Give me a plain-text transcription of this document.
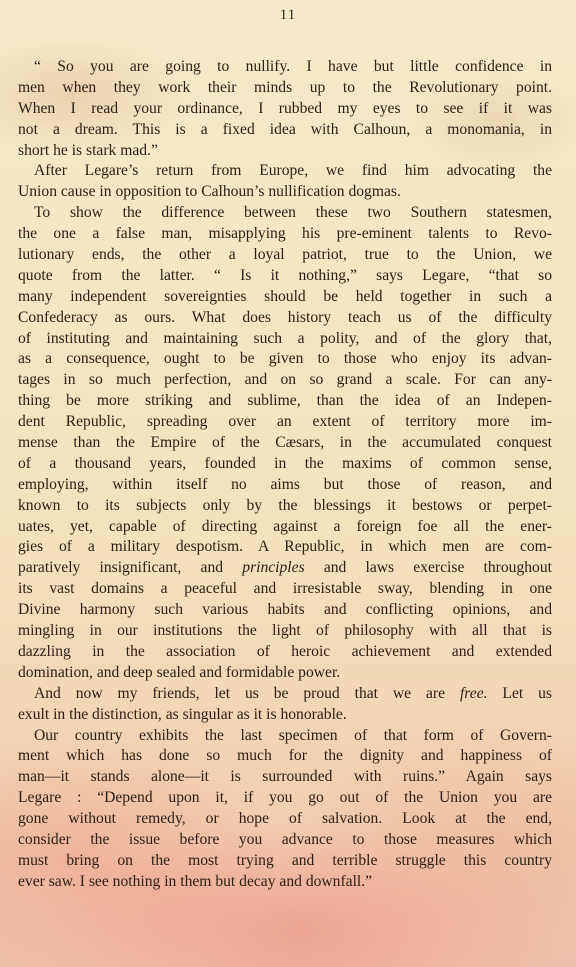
11
“ So you are going to nullify. I have but little confidence in
men when they work their minds up to the Revolutionary point.
When I read your ordinance, I rubbed my eyes to see if it was
not a dream. This is a fixed idea with Calhoun, a monomania, in
short he is stark mad.”
After Legare’s return from Europe, we find him advocating the
Union cause in opposition to Calhoun’s nullification dogmas.
To show the difference between these two Southern statesmen,
the one a false man, misapplying his pre-eminent talents to Revo-
lutionary ends, the other a loyal patriot, true to the Union, we
quote from the latter. “ Is it nothing,” says Legare, “that so
many independent sovereignties should be held together in such a
Confederacy as ours. What does history teach us of the difficulty
of instituting and maintaining such a polity, and of the glory that,
as a consequence, ought to be given to those who enjoy its advan-
tages in so much perfection, and on so grand a scale. For can any-
thing be more striking and sublime, than the idea of an Indepen-
dent Republic, spreading over an extent of territory more im-
mense than the Empire of the Cæsars, in the accumulated conquest
of a thousand years, founded in the maxims of common sense,
employing, within itself no aims but those of reason, and
known to its subjects only by the blessings it bestows or perpet-
uates, yet, capable of directing against a foreign foe all the ener-
gies of a military despotism. A Republic, in which men are com-
paratively insignificant, and principles and laws exercise throughout
its vast domains a peaceful and irresistable sway, blending in one
Divine harmony such various habits and conflicting opinions, and
mingling in our institutions the light of philosophy with all that is
dazzling in the association of heroic achievement and extended
domination, and deep sealed and formidable power.
And now my friends, let us be proud that we are free. Let us
exult in the distinction, as singular as it is honorable.
Our country exhibits the last specimen of that form of Govern-
ment which has done so much for the dignity and happiness of
man—it stands alone—it is surrounded with ruins.” Again says
Legare : “Depend upon it, if you go out of the Union you are
gone without remedy, or hope of salvation. Look at the end,
consider the issue before you advance to those measures which
must bring on the most trying and terrible struggle this country
ever saw. I see nothing in them but decay and downfall.”
